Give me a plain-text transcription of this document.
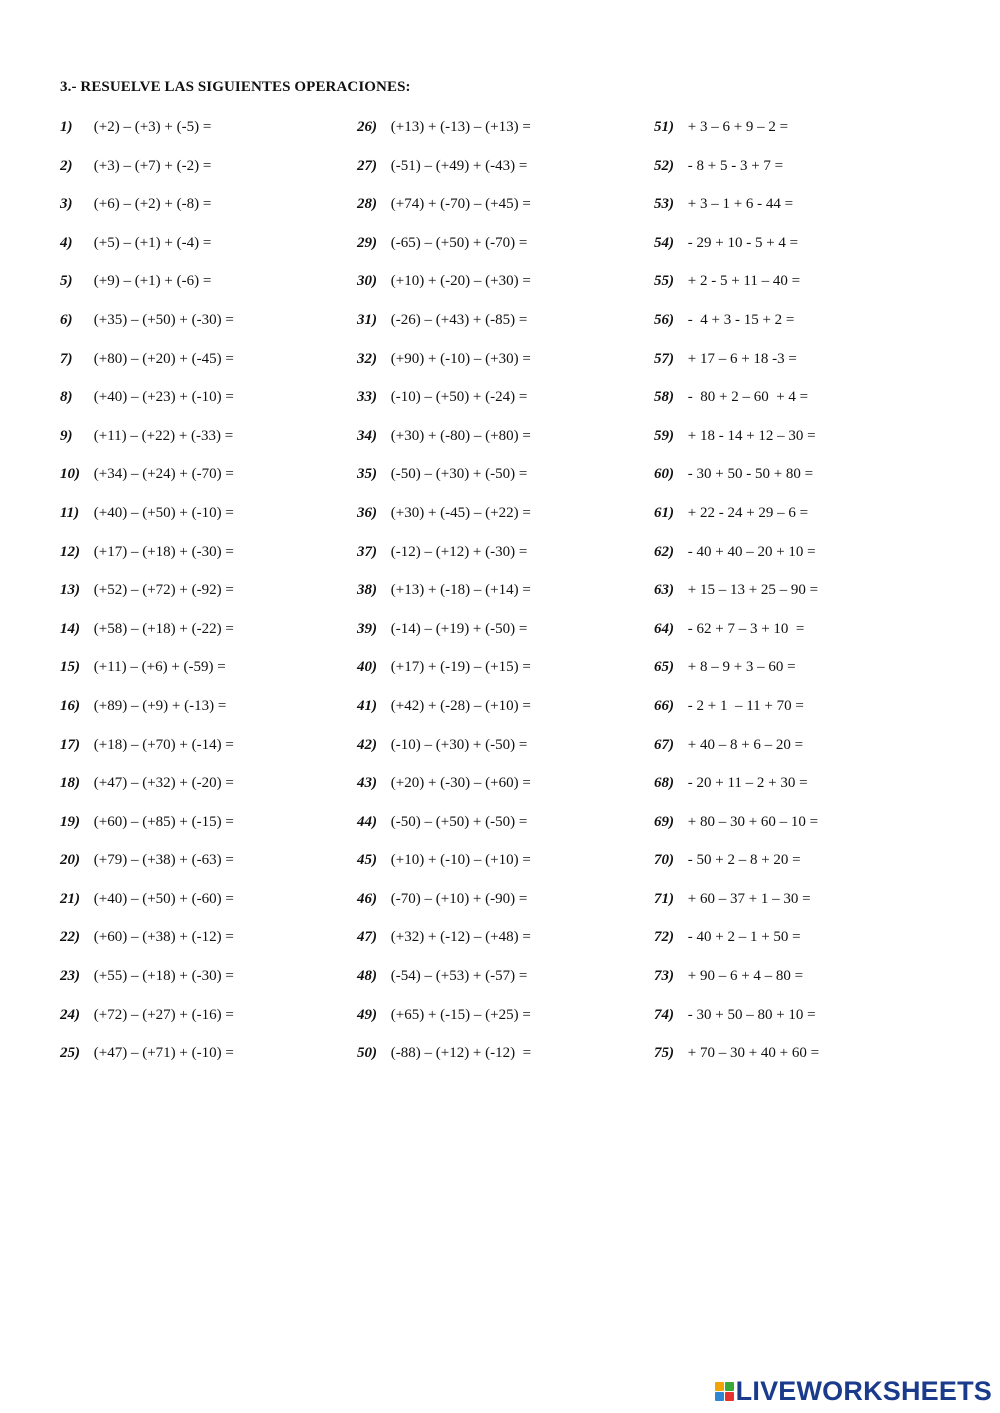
3.- RESUELVE LAS SIGUIENTES OPERACIONES:
1) (+2) – (+3) + (-5) =
2) (+3) – (+7) + (-2) =
3) (+6) – (+2) + (-8) =
4) (+5) – (+1) + (-4) =
5) (+9) – (+1) + (-6) =
6) (+35) – (+50) + (-30) =
7) (+80) – (+20) + (-45) =
8) (+40) – (+23) + (-10) =
9) (+11) – (+22) + (-33) =
10) (+34) – (+24) + (-70) =
11) (+40) – (+50) + (-10) =
12) (+17) – (+18) + (-30) =
13) (+52) – (+72) + (-92) =
14) (+58) – (+18) + (-22) =
15) (+11) – (+6) + (-59) =
16) (+89) – (+9) + (-13) =
17) (+18) – (+70) + (-14) =
18) (+47) – (+32) + (-20) =
19) (+60) – (+85) + (-15) =
20) (+79) – (+38) + (-63) =
21) (+40) – (+50) + (-60) =
22) (+60) – (+38) + (-12) =
23) (+55) – (+18) + (-30) =
24) (+72) – (+27) + (-16) =
25) (+47) – (+71) + (-10) =
26) (+13) + (-13) – (+13) =
27) (-51) – (+49) + (-43) =
28) (+74) + (-70) – (+45) =
29) (-65) – (+50) + (-70) =
30) (+10) + (-20) – (+30) =
31) (-26) – (+43) + (-85) =
32) (+90) + (-10) – (+30) =
33) (-10) – (+50) + (-24) =
34) (+30) + (-80) – (+80) =
35) (-50) – (+30) + (-50) =
36) (+30) + (-45) – (+22) =
37) (-12) – (+12) + (-30) =
38) (+13) + (-18) – (+14) =
39) (-14) – (+19) + (-50) =
40) (+17) + (-19) – (+15) =
41) (+42) + (-28) – (+10) =
42) (-10) – (+30) + (-50) =
43) (+20) + (-30) – (+60) =
44) (-50) – (+50) + (-50) =
45) (+10) + (-10) – (+10) =
46) (-70) – (+10) + (-90) =
47) (+32) + (-12) – (+48) =
48) (-54) – (+53) + (-57) =
49) (+65) + (-15) – (+25) =
50) (-88) – (+12) + (-12)  =
51) + 3 – 6 + 9 – 2 =
52) - 8 + 5 - 3 + 7 =
53) + 3 – 1 + 6 - 44 =
54) - 29 + 10 - 5 + 4 =
55) + 2 - 5 + 11 – 40 =
56) -  4 + 3 - 15 + 2 =
57) + 17 – 6 + 18 -3 =
58) -  80 + 2 – 60  + 4 =
59) + 18 - 14 + 12 – 30 =
60) - 30 + 50 - 50 + 80 =
61) + 22 - 24 + 29 – 6 =
62) - 40 + 40 – 20 + 10 =
63) + 15 – 13 + 25 – 90 =
64) - 62 + 7 – 3 + 10  =
65) + 8 – 9 + 3 – 60 =
66) - 2 + 1  – 11 + 70 =
67) + 40 – 8 + 6 – 20 =
68) - 20 + 11 – 2 + 30 =
69) + 80 – 30 + 60 – 10 =
70) - 50 + 2 – 8 + 20 =
71) + 60 – 37 + 1 – 30 =
72) - 40 + 2 – 1 + 50 =
73) + 90 – 6 + 4 – 80 =
74) - 30 + 50 – 80 + 10 =
75) + 70 – 30 + 40 + 60 =
LIVEWORKSHEETS
